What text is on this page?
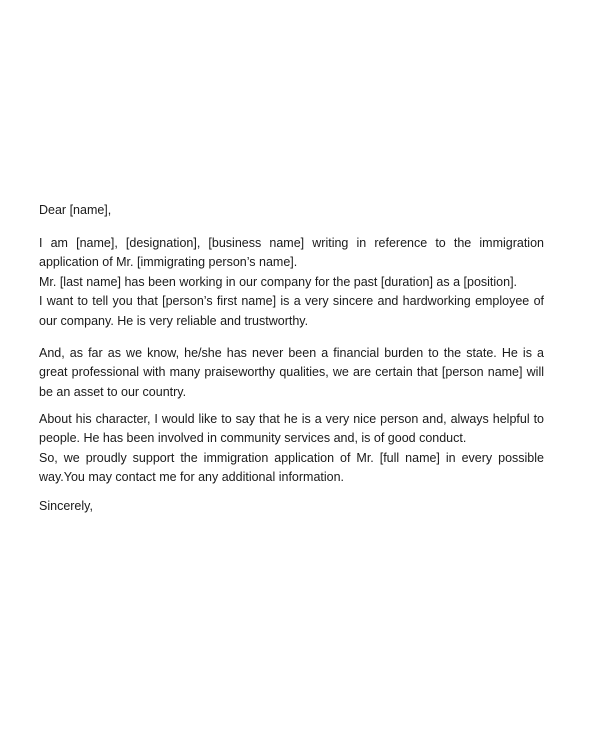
Dear [name],
I am [name], [designation], [business name] writing in reference to the immigration
application of Mr. [immigrating person’s name].
Mr. [last name] has been working in our company for the past [duration] as a [position].
I want to tell you that [person’s first name] is a very sincere and hardworking employee of
our company. He is very reliable and trustworthy.
And, as far as we know, he/she has never been a financial burden to the state. He is a
great professional with many praiseworthy qualities, we are certain that [person name] will
be an asset to our country.
About his character, I would like to say that he is a very nice person and, always helpful to
people. He has been involved in community services and, is of good conduct.
So, we proudly support the immigration application of Mr. [full name] in every possible
way.You may contact me for any additional information.
Sincerely,
